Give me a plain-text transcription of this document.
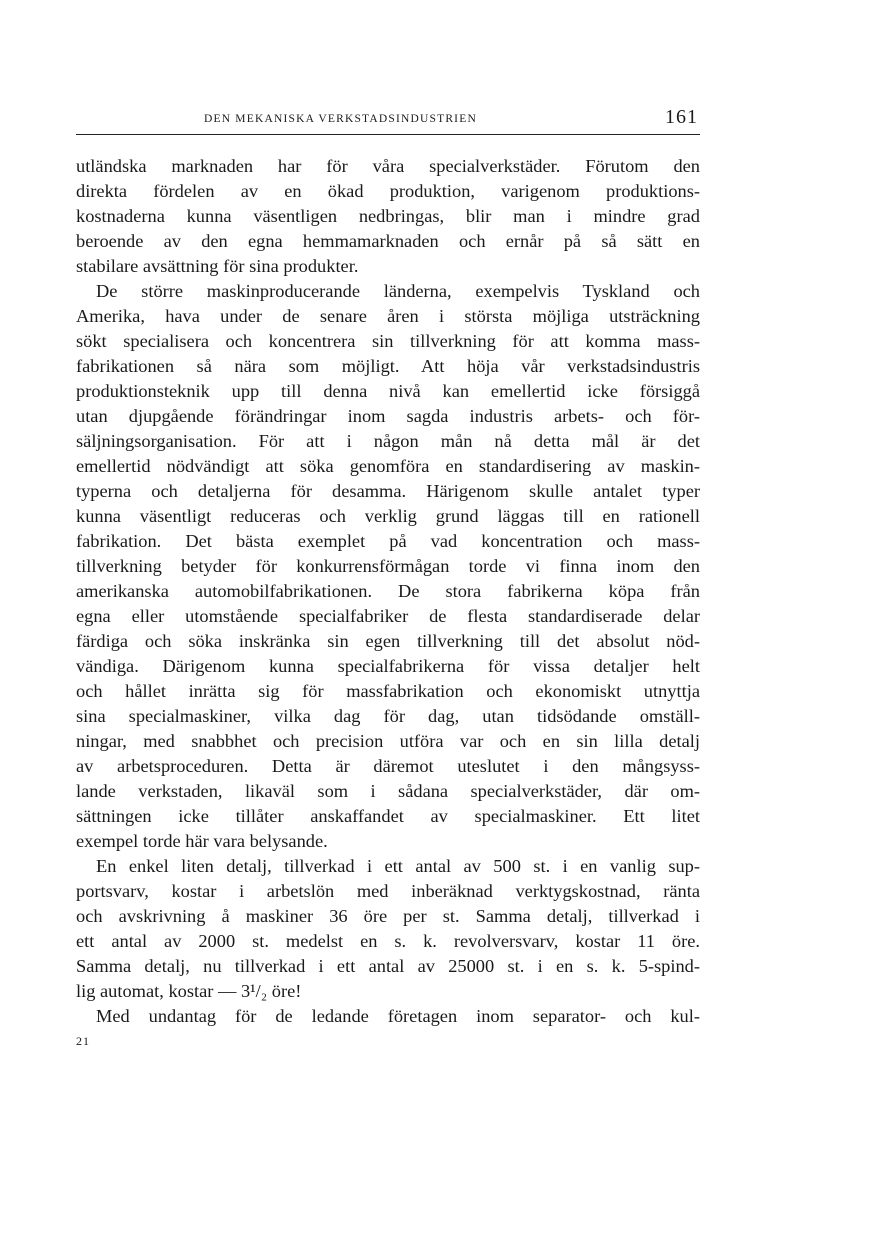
DEN MEKANISKA VERKSTADSINDUSTRIEN	161
utländska marknaden har för våra specialverkstäder. Förutom den
direkta fördelen av en ökad produktion, varigenom produktions-
kostnaderna kunna väsentligen nedbringas, blir man i mindre grad
beroende av den egna hemmamarknaden och ernår på så sätt en
stabilare avsättning för sina produkter.
De större maskinproducerande länderna, exempelvis Tyskland och
Amerika, hava under de senare åren i största möjliga utsträckning
sökt specialisera och koncentrera sin tillverkning för att komma mass-
fabrikationen så nära som möjligt. Att höja vår verkstadsindustris
produktionsteknik upp till denna nivå kan emellertid icke försiggå
utan djupgående förändringar inom sagda industris arbets- och för-
säljningsorganisation. För att i någon mån nå detta mål är det
emellertid nödvändigt att söka genomföra en standardisering av maskin-
typerna och detaljerna för desamma. Härigenom skulle antalet typer
kunna väsentligt reduceras och verklig grund läggas till en rationell
fabrikation. Det bästa exemplet på vad koncentration och mass-
tillverkning betyder för konkurrensförmågan torde vi finna inom den
amerikanska automobilfabrikationen. De stora fabrikerna köpa från
egna eller utomstående specialfabriker de flesta standardiserade delar
färdiga och söka inskränka sin egen tillverkning till det absolut nöd-
vändiga. Därigenom kunna specialfabrikerna för vissa detaljer helt
och hållet inrätta sig för massfabrikation och ekonomiskt utnyttja
sina specialmaskiner, vilka dag för dag, utan tidsödande omställ-
ningar, med snabbhet och precision utföra var och en sin lilla detalj
av arbetsproceduren. Detta är däremot uteslutet i den mångsyss-
lande verkstaden, likaväl som i sådana specialverkstäder, där om-
sättningen icke tillåter anskaffandet av specialmaskiner. Ett litet
exempel torde här vara belysande.
En enkel liten detalj, tillverkad i ett antal av 500 st. i en vanlig sup-
portsvarv, kostar i arbetslön med inberäknad verktygskostnad, ränta
och avskrivning å maskiner 36 öre per st. Samma detalj, tillverkad i
ett antal av 2000 st. medelst en s. k. revolversvarv, kostar 11 öre.
Samma detalj, nu tillverkad i ett antal av 25000 st. i en s. k. 5-spind-
lig automat, kostar — 3¹/₂ öre!
Med undantag för de ledande företagen inom separator- och kul-
21
